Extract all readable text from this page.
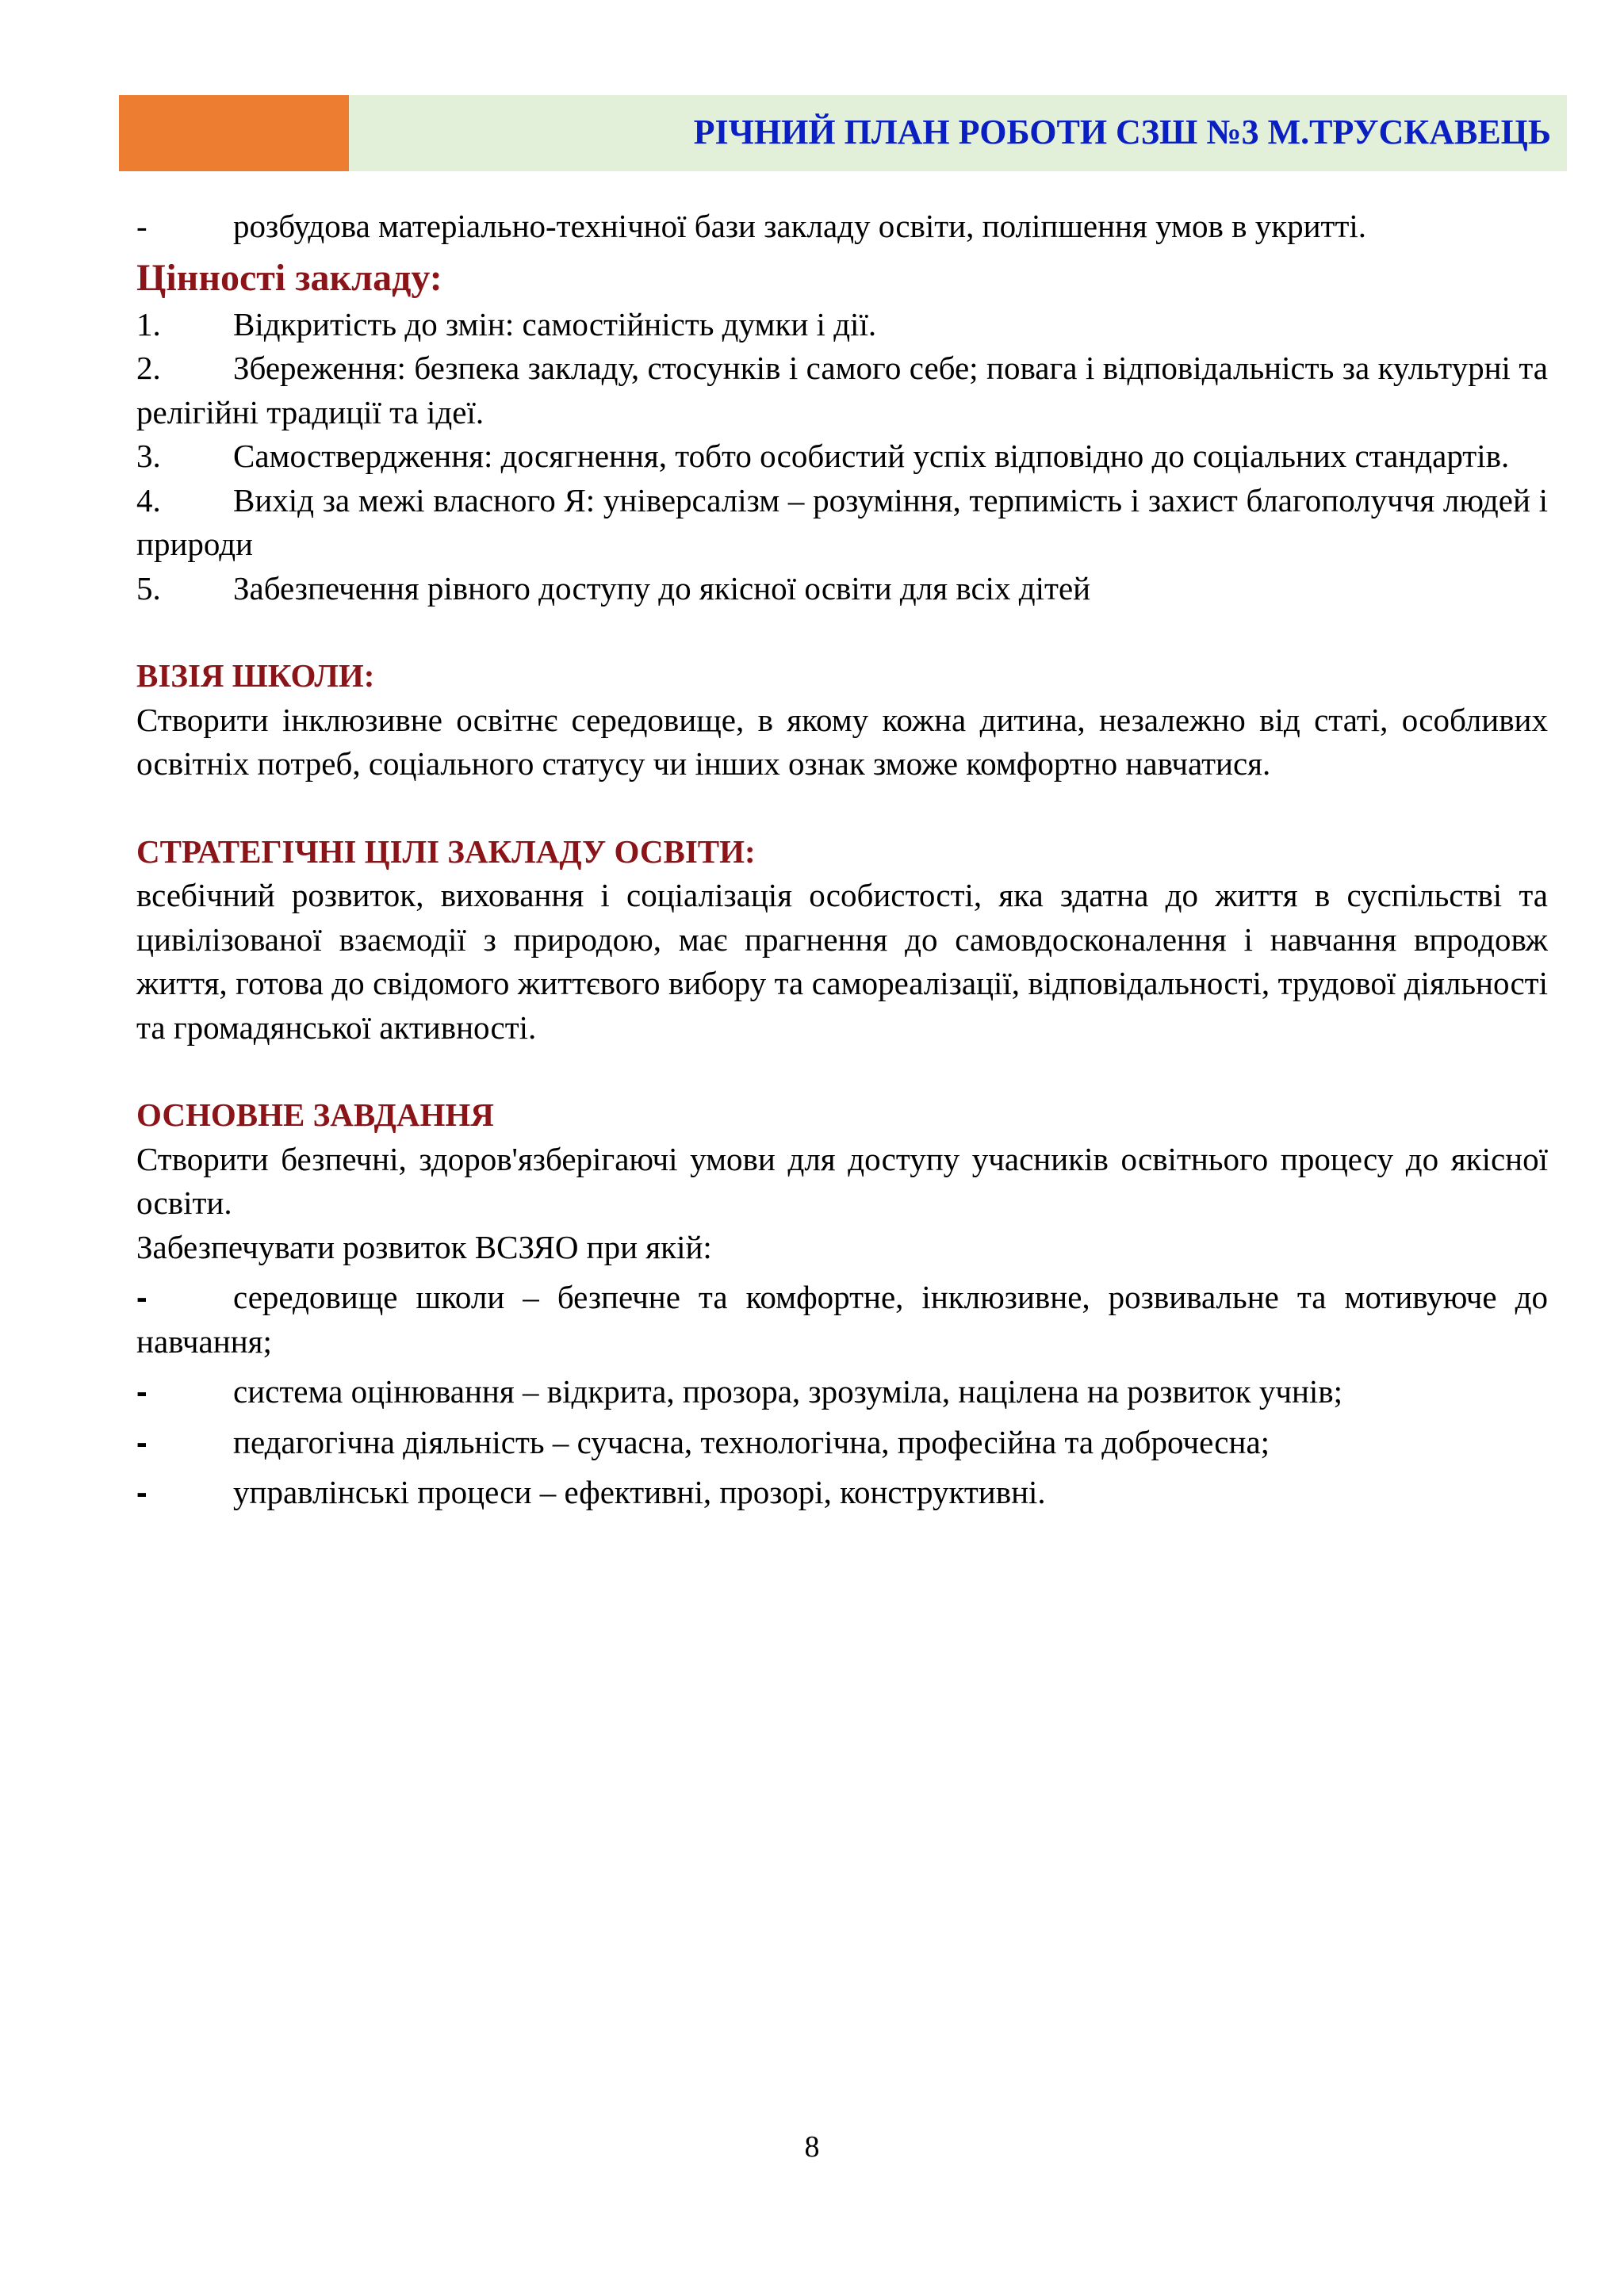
РІЧНИЙ ПЛАН РОБОТИ СЗШ №3 М.ТРУСКАВЕЦЬ

-	розбудова матеріально-технічної бази закладу освіти, поліпшення умов в укритті.

Цінності закладу:

1. Відкритість до змін: самостійність думки і дії.

2. Збереження: безпека закладу, стосунків і самого себе; повага і відповідальність за культурні та релігійні традиції та ідеї.

3. Самоствердження: досягнення, тобто особистий успіх відповідно до соціальних стандартів.

4. Вихід за межі власного Я: універсалізм – розуміння, терпимість і захист благополуччя людей і природи

5. Забезпечення рівного доступу до якісної освіти для всіх дітей

ВІЗІЯ ШКОЛИ:

Створити інклюзивне освітнє середовище, в якому кожна дитина, незалежно від статі, особливих освітніх потреб, соціального статусу чи інших ознак зможе комфортно навчатися.

СТРАТЕГІЧНІ ЦІЛІ ЗАКЛАДУ ОСВІТИ:

всебічний розвиток, виховання і соціалізація особистості, яка здатна до життя в суспільстві та цивілізованої взаємодії з природою, має прагнення до самовдосконалення і навчання впродовж життя, готова до свідомого життєвого вибору та самореалізації, відповідальності, трудової діяльності та громадянської активності.

ОСНОВНЕ ЗАВДАННЯ

Створити безпечні, здоров'язберігаючі умови для доступу учасників освітнього процесу до якісної освіти.

Забезпечувати розвиток ВСЗЯО при якій:

-	середовище школи – безпечне та комфортне, інклюзивне, розвивальне та мотивуюче до навчання;

-	система оцінювання – відкрита, прозора, зрозуміла, націлена на розвиток учнів;

-	педагогічна діяльність – сучасна, технологічна, професійна та доброчесна;

-	управлінські процеси – ефективні, прозорі, конструктивні.

8
